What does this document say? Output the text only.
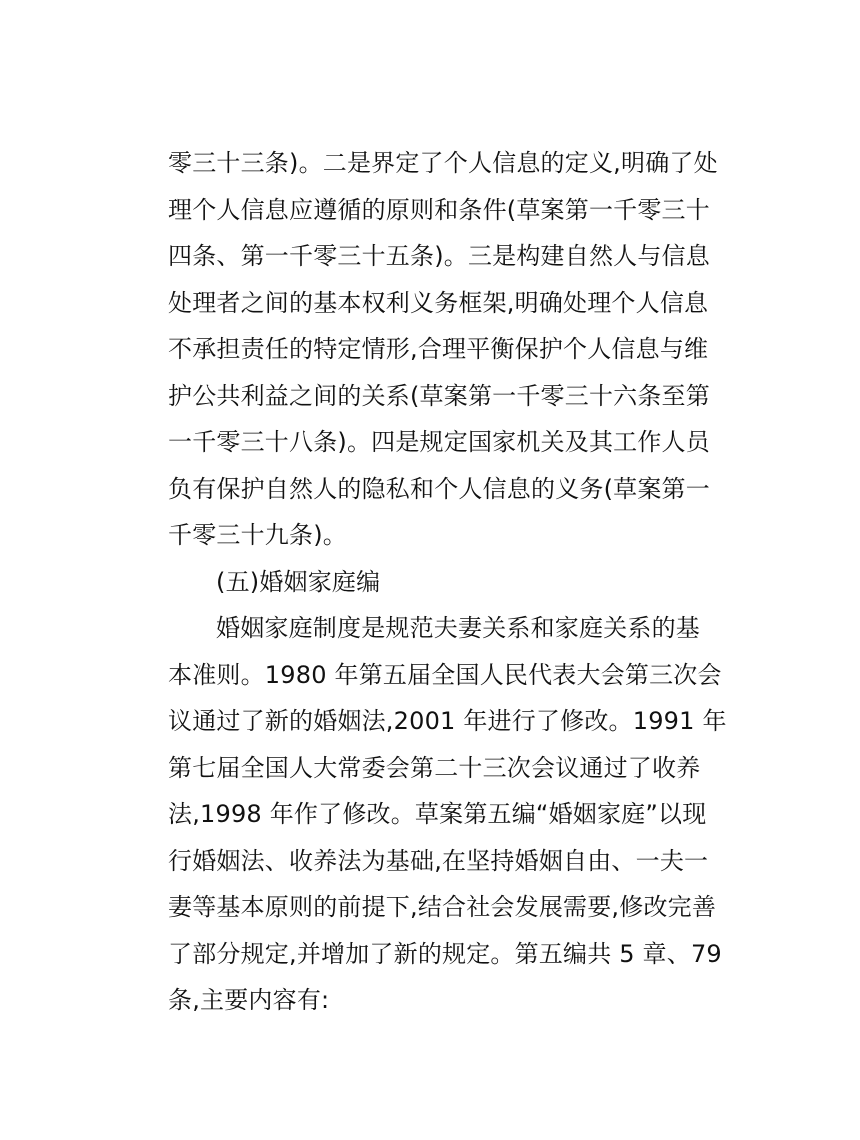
零三十三条)。二是界定了个人信息的定义,明确了处
理个人信息应遵循的原则和条件(草案第一千零三十
四条、第一千零三十五条)。三是构建自然人与信息
处理者之间的基本权利义务框架,明确处理个人信息
不承担责任的特定情形,合理平衡保护个人信息与维
护公共利益之间的关系(草案第一千零三十六条至第
一千零三十八条)。四是规定国家机关及其工作人员
负有保护自然人的隐私和个人信息的义务(草案第一
千零三十九条)。
(五)婚姻家庭编
婚姻家庭制度是规范夫妻关系和家庭关系的基
本准则。1980 年第五届全国人民代表大会第三次会
议通过了新的婚姻法,2001 年进行了修改。1991 年
第七届全国人大常委会第二十三次会议通过了收养
法,1998 年作了修改。草案第五编“婚姻家庭”以现
行婚姻法、收养法为基础,在坚持婚姻自由、一夫一
妻等基本原则的前提下,结合社会发展需要,修改完善
了部分规定,并增加了新的规定。第五编共 5 章、79
条,主要内容有:
